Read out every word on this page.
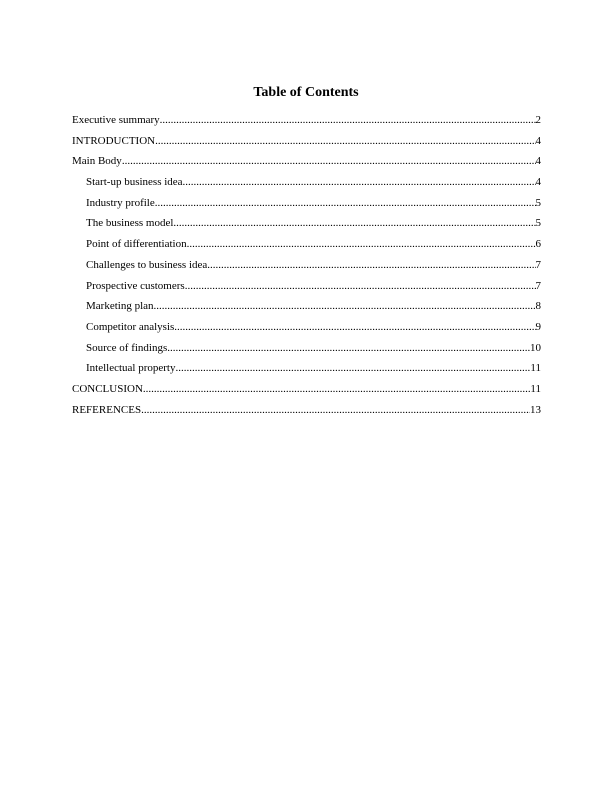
Table of Contents
Executive summary .....	2
INTRODUCTION .....	4
Main Body .....	4
Start-up business idea .....	4
Industry profile .....	5
The business model .....	5
Point of differentiation .....	6
Challenges to business idea .....	7
Prospective customers .....	7
Marketing plan .....	8
Competitor analysis .....	9
Source of findings .....	10
Intellectual property .....	11
CONCLUSION .....	11
REFERENCES .....	13
